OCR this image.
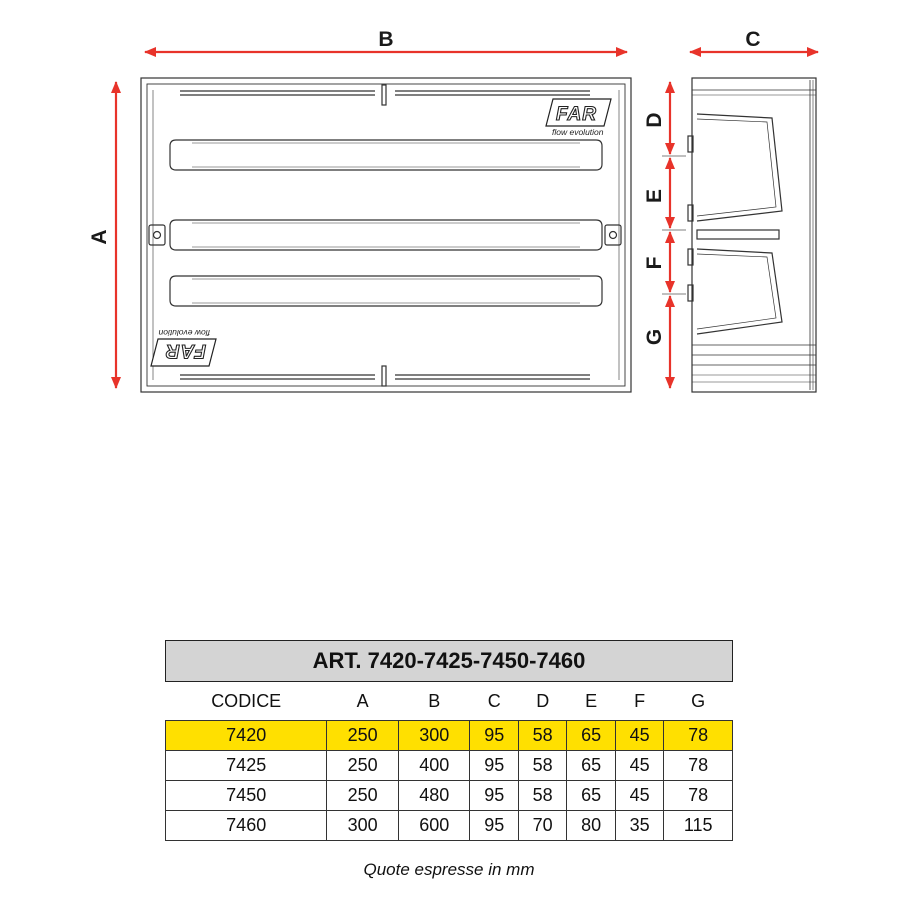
FAR
flow evolution
FAR
flow evolution
B	C
A
D
E
F
G
ART. 7420-7425-7450-7460							
CODICE	A	B	C	D	E	F	G
7420	250	300	95	58	65	45	78
7425	250	400	95	58	65	45	78
7450	250	480	95	58	65	45	78
7460	300	600	95	70	80	35	115
Quote espresse in mm
